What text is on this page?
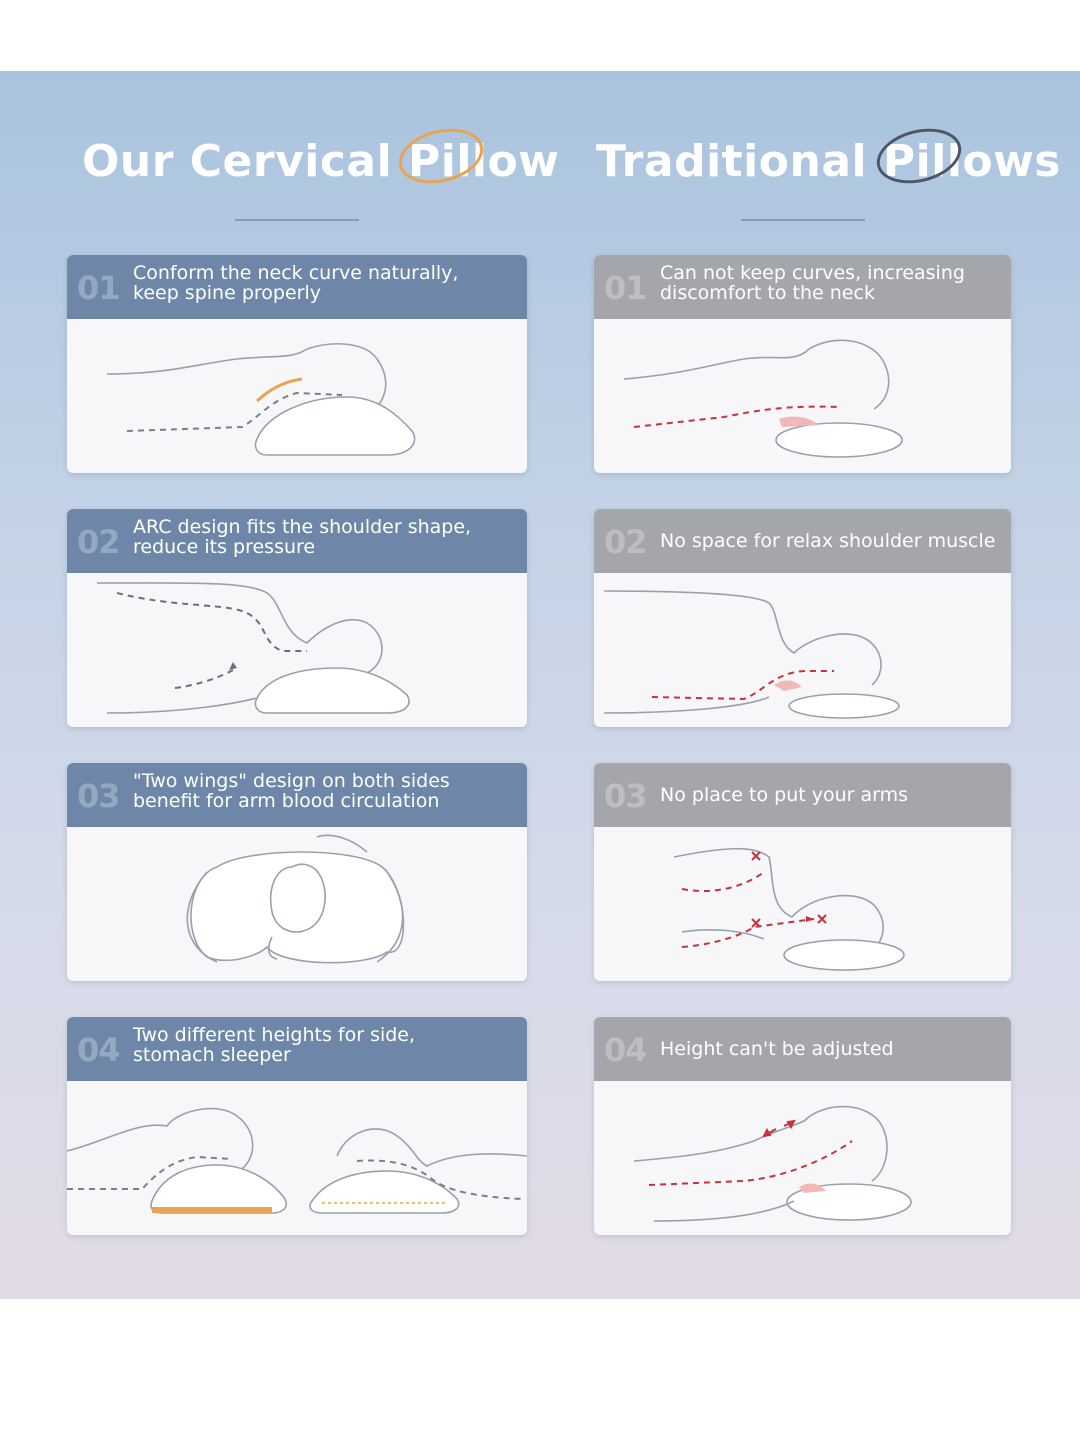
Our Cervical Pillow Traditional Pillows
01 Conform the neck curve naturally,
keep spine properly
02 ARC design fits the shoulder shape,
reduce its pressure
03 "Two wings" design on both sides
benefit for arm blood circulation
04 Two different heights for side,
stomach sleeper
01 Can not keep curves, increasing
discomfort to the neck
02 No space for relax shoulder muscle
03 No place to put your arms
04 Height can't be adjusted
